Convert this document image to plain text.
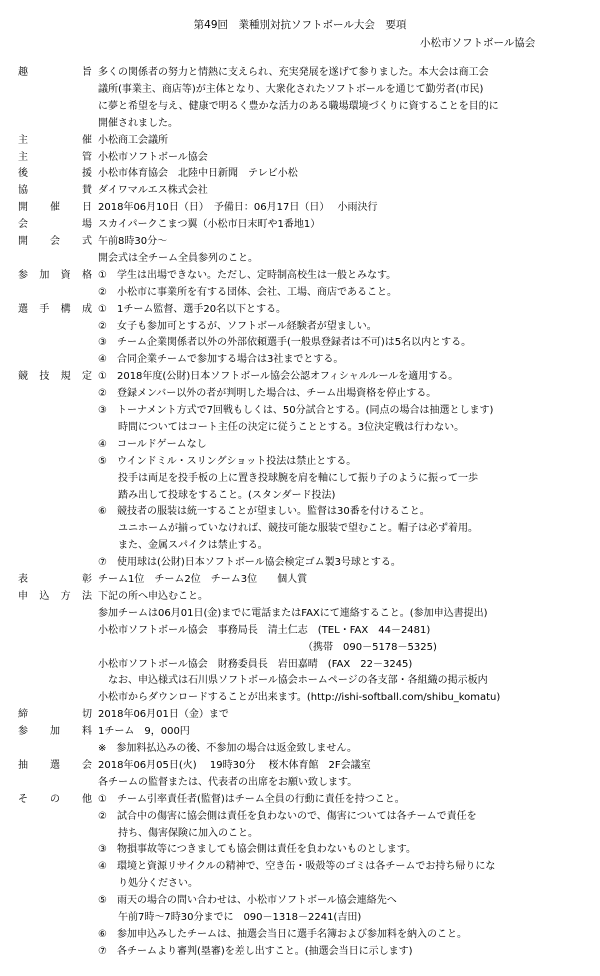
第49回　業種別対抗ソフトボール大会　要項
小松市ソフトボール協会
趣	旨 多くの関係者の努力と情熱に支えられ、充実発展を遂げて参りました。本大会は商工会
議所(事業主、商店等)が主体となり、大衆化されたソフトボールを通じて勤労者(市民)
に夢と希望を与え、健康で明るく豊かな活力のある職場環境づくりに資することを目的に
開催されました。
主	催 小松商工会議所
主	管 小松市ソフトボール協会
後	援 小松市体育協会　北陸中日新聞　テレビ小松
協	賛 ダイワマルエス株式会社
開 催 日 2018年06月10日（日）　予備日：06月17日（日）　 小雨決行
会	場 スカイパークこまつ翼（小松市日末町や1番地1）
開 会 式 午前8時30分～
開会式は全チーム全員参列のこと。
参 加 資 格 ①　学生は出場できない。ただし、定時制高校生は一般とみなす。
②　小松市に事業所を有する団体、会社、工場、商店であること。
選 手 構 成 ①　1チーム監督、選手20名以下とする。
②　女子も参加可とするが、ソフトボール経験者が望ましい。
③　チーム企業関係者以外の外部依頼選手(一般県登録者は不可)は5名以内とする。
④　合同企業チームで参加する場合は3社までとする。
競 技 規 定 ①　2018年度(公財)日本ソフトボール協会公認オフィシャルルールを適用する。
②　登録メンバー以外の者が判明した場合は、チーム出場資格を停止する。
③　トーナメント方式で7回戦もしくは、50分試合とする。(同点の場合は抽選とします)
　　時間についてはコート主任の決定に従うこととする。3位決定戦は行わない。
④　コールドゲームなし
⑤　ウインドミル・スリングショット投法は禁止とする。
　　投手は両足を投手板の上に置き投球腕を肩を軸にして振り子のように振って一歩
　　踏み出して投球をすること。(スタンダード投法)
⑥　競技者の服装は統一することが望ましい。監督は30番を付けること。
　　ユニホームが揃っていなければ、競技可能な服装で望むこと。帽子は必ず着用。
　　また、金属スパイクは禁止する。
⑦　使用球は(公財)日本ソフトボール協会検定ゴム製3号球とする。
表	彰 チーム1位　チーム2位　チーム3位　　個人賞
申 込 方 法 下記の所へ申込むこと。
参加チームは06月01日(金)までに電話またはFAXにて連絡すること。(参加申込書提出)
小松市ソフトボール協会　事務局長　清土仁志　(TEL・FAX　44－2481)
　　　　　　　　　　　　　　　　　　　　　（携帯　090－5178－5325)
小松市ソフトボール協会　財務委員長　岩田嘉晴　(FAX　22－3245)
　なお、申込様式は石川県ソフトボール協会ホームページの各支部・各組織の掲示板内
小松市からダウンロードすることが出来ます。(http://ishi-softball.com/shibu_komatu)
締	切 2018年06月01日（金）まで
参 加 料 1チーム　9，000円
※　参加料払込みの後、不参加の場合は返金致しません。
抽 選 会 2018年06月05日(火)　 19時30分　 桜木体育館　2F会議室
各チームの監督または、代表者の出席をお願い致します。
そ の 他 ①　チーム引率責任者(監督)はチーム全員の行動に責任を持つこと。
②　試合中の傷害に協会側は責任を負わないので、傷害については各チームで責任を
　　持ち、傷害保険に加入のこと。
③　物損事故等につきましても協会側は責任を負わないものとします。
④　環境と資源リサイクルの精神で、空き缶・吸殻等のゴミは各チームでお持ち帰りにな
　　り処分ください。
⑤　雨天の場合の問い合わせは、小松市ソフトボール協会連絡先へ
　　午前7時～7時30分までに　090－1318－2241(吉田)
⑥　参加申込みしたチームは、抽選会当日に選手名簿および参加料を納入のこと。
⑦　各チームより審判(塁審)を差し出すこと。(抽選会当日に示します)
